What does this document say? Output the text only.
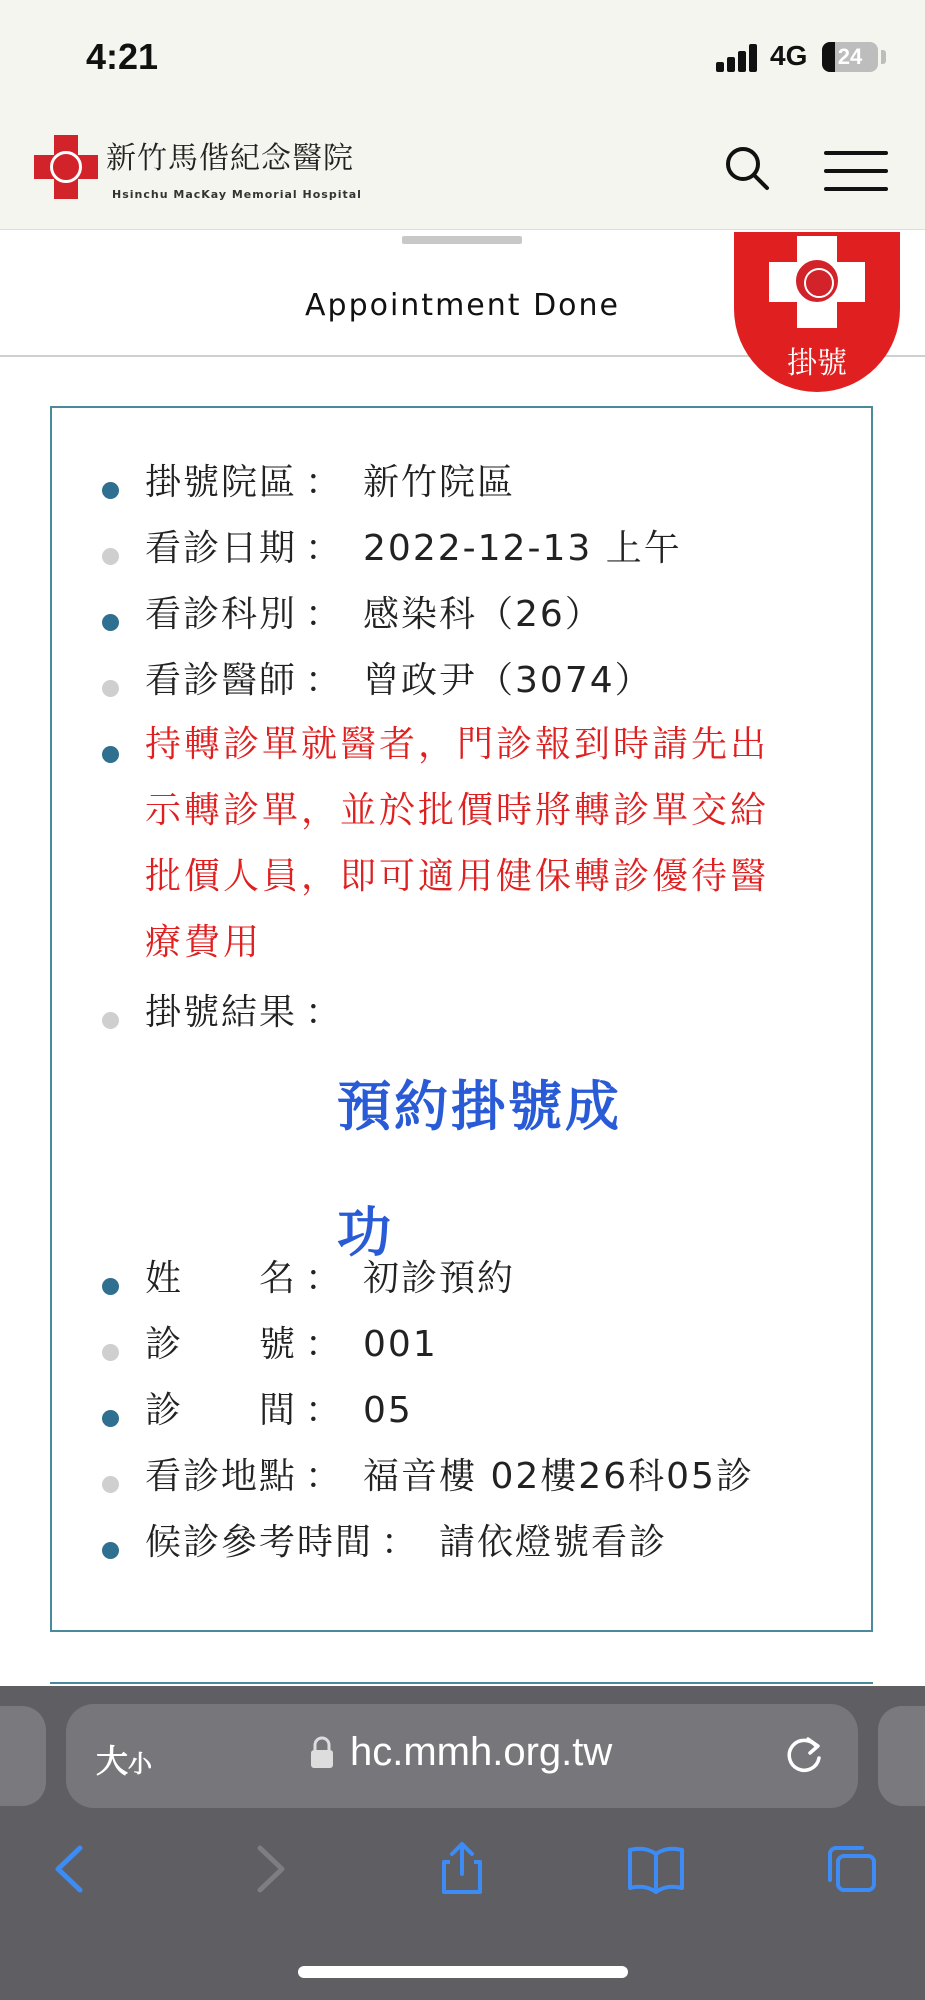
4:21	4G	24
新竹馬偕紀念醫院
Hsinchu MacKay Memorial Hospital
Appointment Done
掛號
掛號院區 ： 新竹院區
看診日期 ： 2022-12-13 上午
看診科別 ： 感染科（26）
看診醫師 ： 曾政尹（3074）
持轉診單就醫者，門診報到時請先出示轉診單，並於批價時將轉診單交給批價人員，即可適用健保轉診優待醫療費用
掛號結果 ：
預約掛號成功
姓　　名 ： 初診預約
診　　號 ： 001
診　　間 ： 05
看診地點 ： 福音樓 02樓26科05診
候診參考時間 ： 請依燈號看診
大小	hc.mmh.org.tw
